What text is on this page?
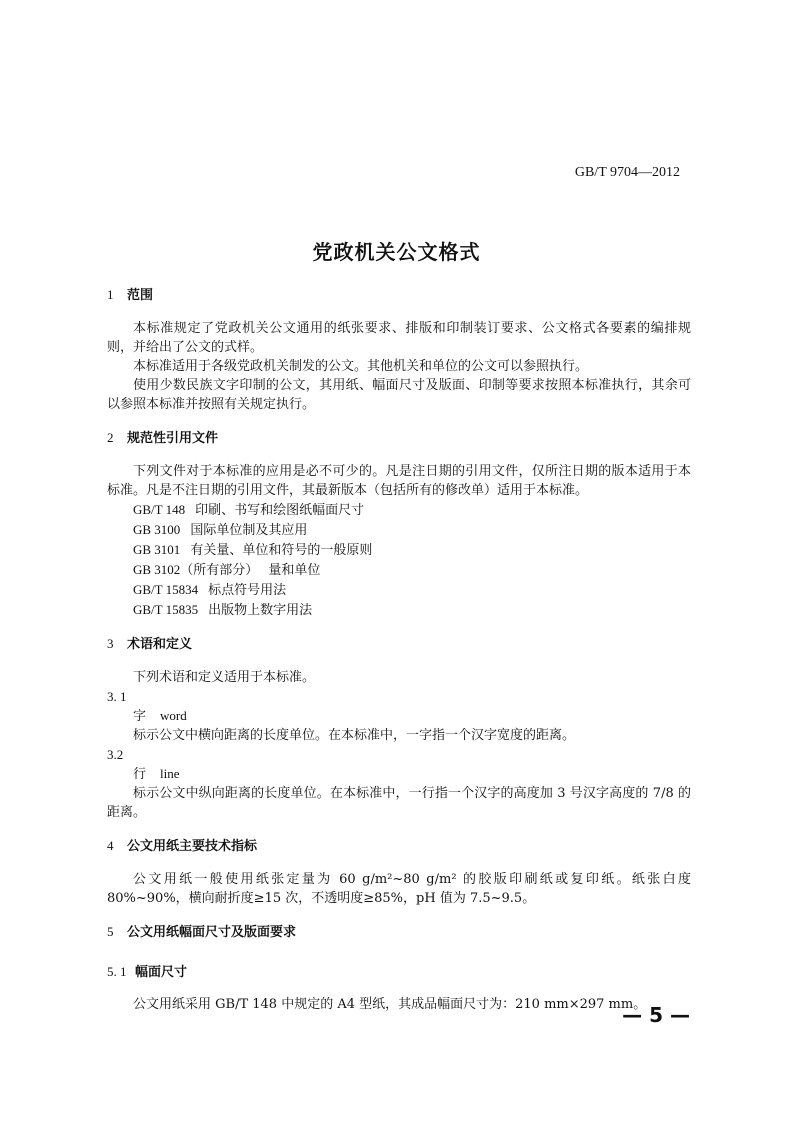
GB/T 9704—2012
党政机关公文格式

1 范围

本标准规定了党政机关公文通用的纸张要求、排版和印制装订要求、公文格式各要素的编排规则，并给出了公文的式样。

本标准适用于各级党政机关制发的公文。其他机关和单位的公文可以参照执行。

使用少数民族文字印制的公文，其用纸、幅面尺寸及版面、印制等要求按照本标准执行，其余可以参照本标准并按照有关规定执行。

2 规范性引用文件

下列文件对于本标准的应用是必不可少的。凡是注日期的引用文件，仅所注日期的版本适用于本标准。凡是不注日期的引用文件，其最新版本（包括所有的修改单）适用于本标准。

GB/T 148 印刷、书写和绘图纸幅面尺寸
GB 3100 国际单位制及其应用
GB 3101 有关量、单位和符号的一般原则
GB 3102（所有部分） 量和单位
GB/T 15834 标点符号用法
GB/T 15835 出版物上数字用法

3 术语和定义

下列术语和定义适用于本标准。

3. 1

字 word

标示公文中横向距离的长度单位。在本标准中，一字指一个汉字宽度的距离。

3.2

行 line

标示公文中纵向距离的长度单位。在本标准中，一行指一个汉字的高度加 3 号汉字高度的 7/8 的距离。

4 公文用纸主要技术指标

公文用纸一般使用纸张定量为 60 g/m²~80 g/m² 的胶版印刷纸或复印纸。纸张白度 80%~90%，横向耐折度≥15 次，不透明度≥85%，pH 值为 7.5~9.5。

5 公文用纸幅面尺寸及版面要求

5. 1 幅面尺寸

公文用纸采用 GB/T 148 中规定的 A4 型纸，其成品幅面尺寸为：210 mm×297 mm。

— 5 —
